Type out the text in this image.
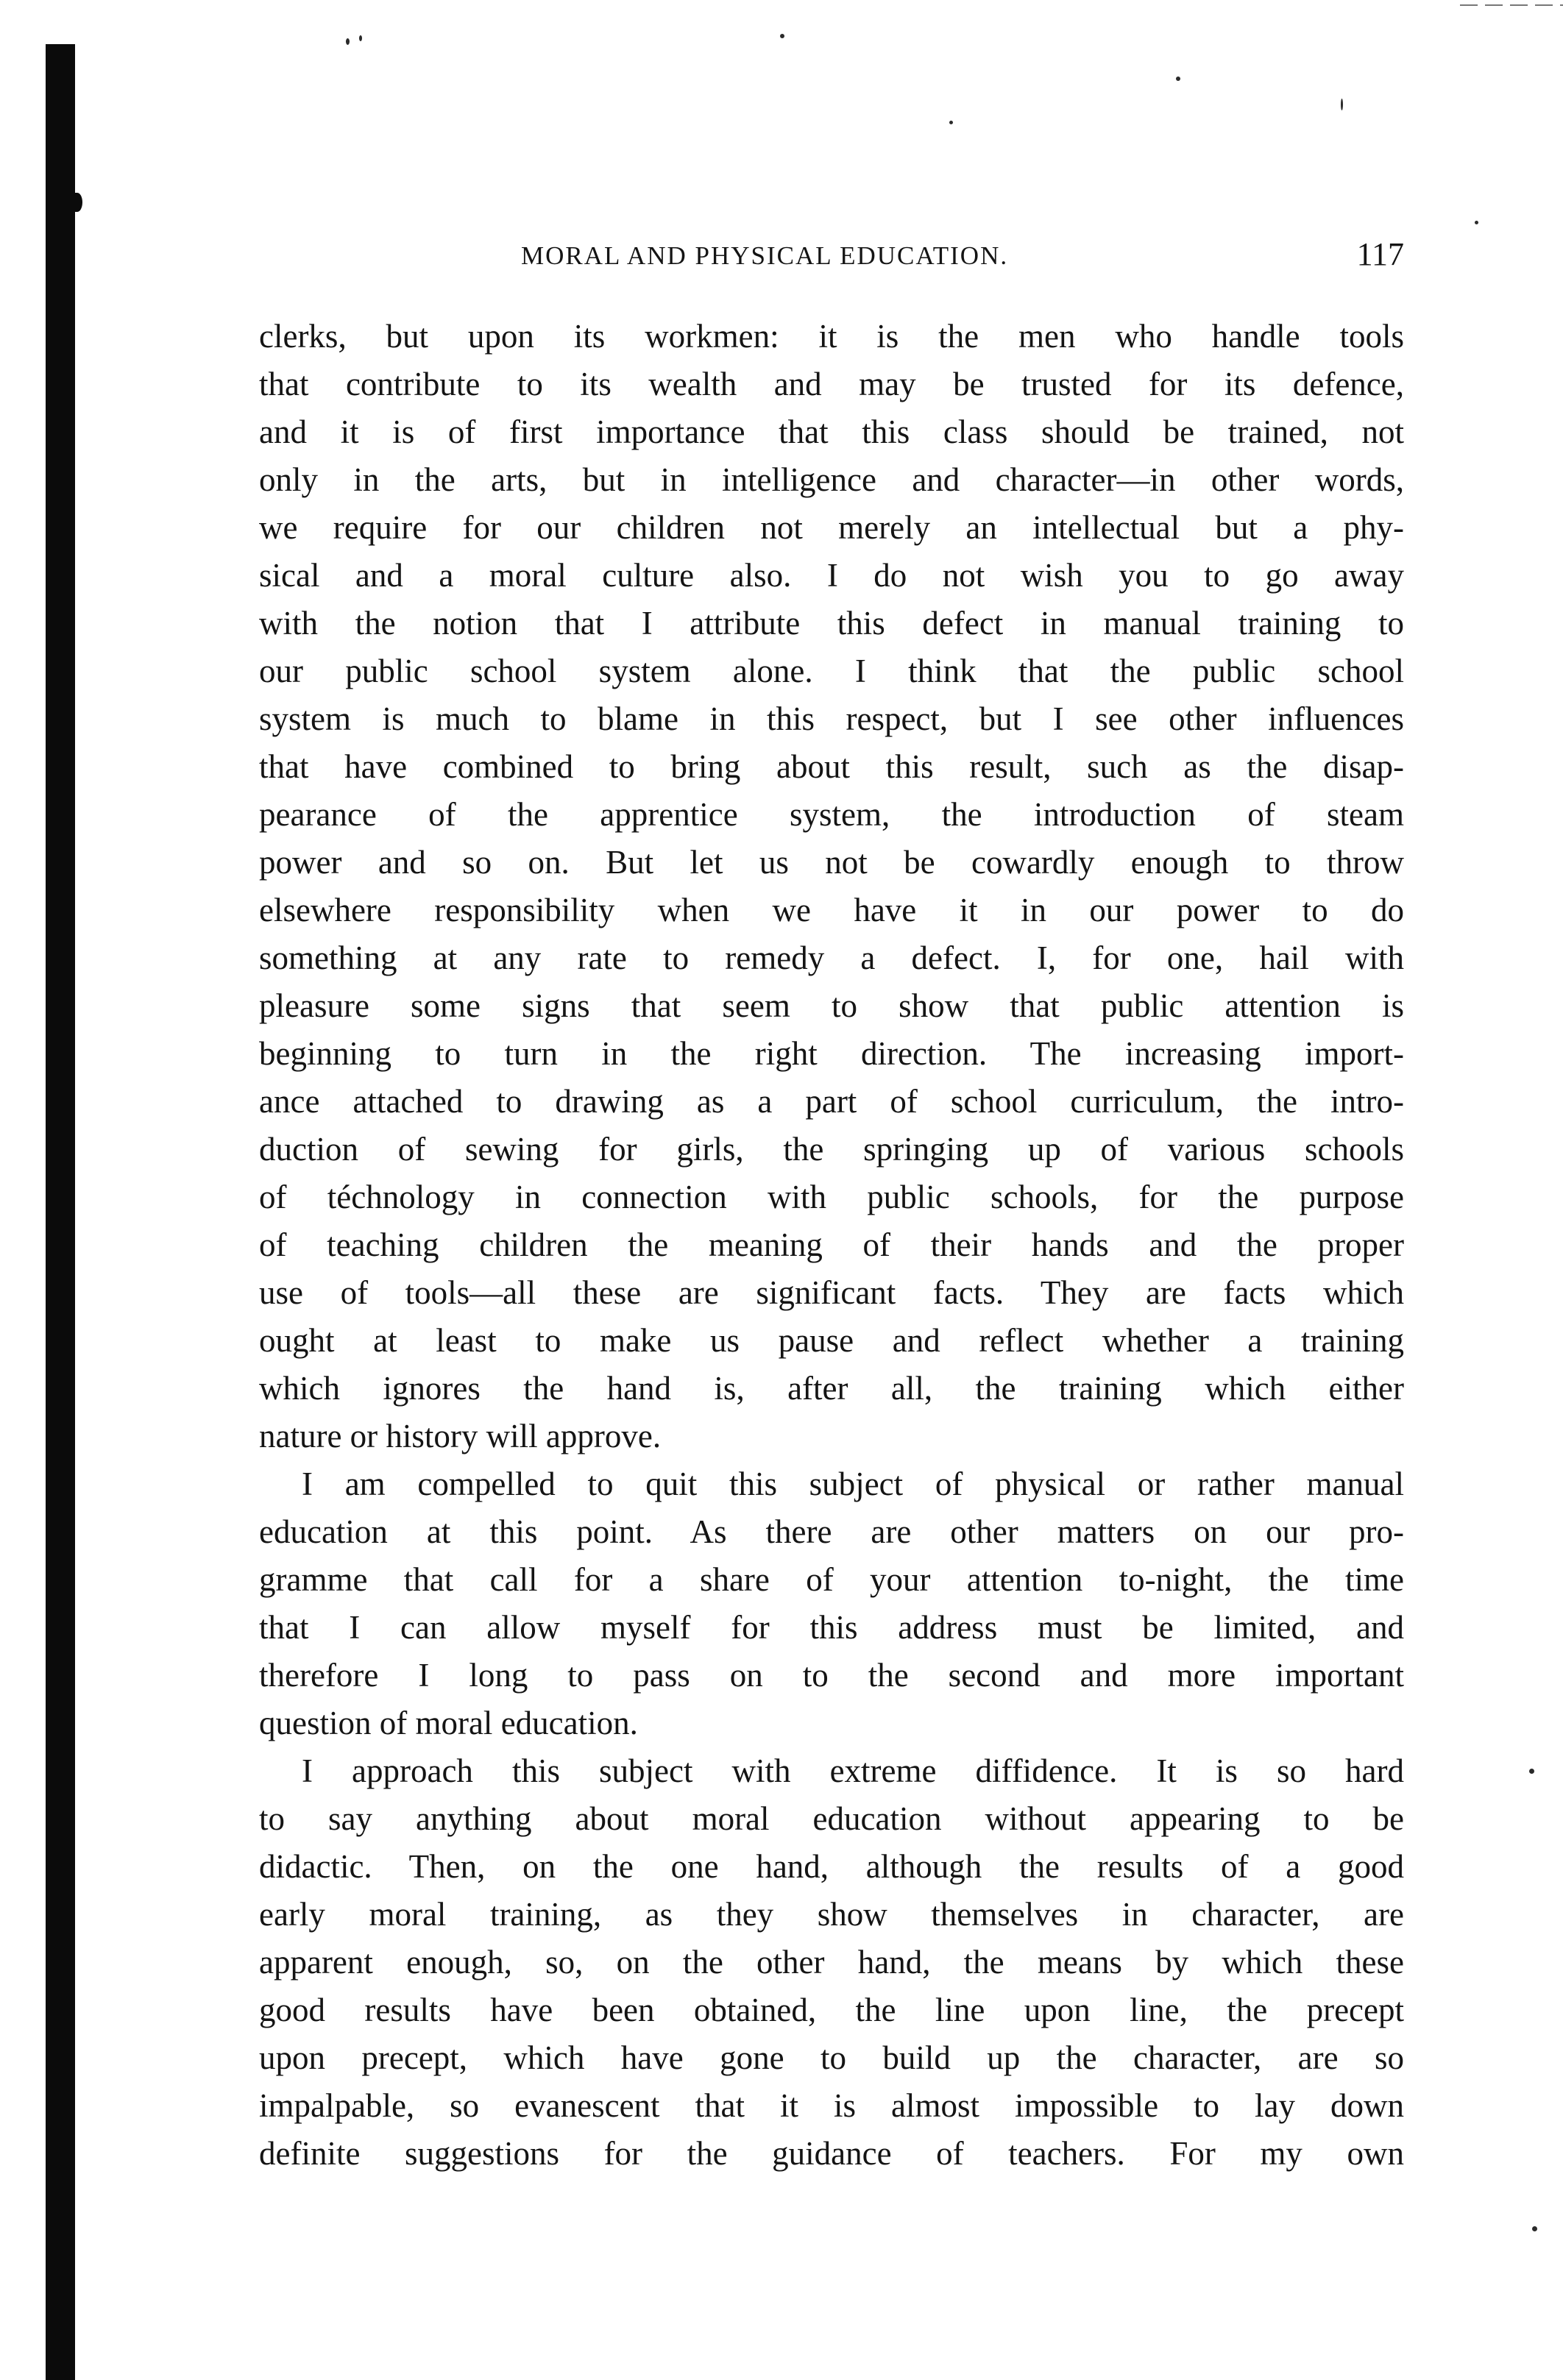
MORAL AND PHYSICAL EDUCATION.	117
clerks, but upon its workmen: it is the men who handle tools
that contribute to its wealth and may be trusted for its defence,
and it is of first importance that this class should be trained, not
only in the arts, but in intelligence and character—in other words,
we require for our children not merely an intellectual but a phy-
sical and a moral culture also. I do not wish you to go away
with the notion that I attribute this defect in manual training to
our public school system alone. I think that the public school
system is much to blame in this respect, but I see other influences
that have combined to bring about this result, such as the disap-
pearance of the apprentice system, the introduction of steam
power and so on. But let us not be cowardly enough to throw
elsewhere responsibility when we have it in our power to do
something at any rate to remedy a defect. I, for one, hail with
pleasure some signs that seem to show that public attention is
beginning to turn in the right direction. The increasing import-
ance attached to drawing as a part of school curriculum, the intro-
duction of sewing for girls, the springing up of various schools
of téchnology in connection with public schools, for the purpose
of teaching children the meaning of their hands and the proper
use of tools—all these are significant facts. They are facts which
ought at least to make us pause and reflect whether a training
which ignores the hand is, after all, the training which either
nature or history will approve.
I am compelled to quit this subject of physical or rather manual
education at this point. As there are other matters on our pro-
gramme that call for a share of your attention to-night, the time
that I can allow myself for this address must be limited, and
therefore I long to pass on to the second and more important
question of moral education.
I approach this subject with extreme diffidence. It is so hard
to say anything about moral education without appearing to be
didactic. Then, on the one hand, although the results of a good
early moral training, as they show themselves in character, are
apparent enough, so, on the other hand, the means by which these
good results have been obtained, the line upon line, the precept
upon precept, which have gone to build up the character, are so
impalpable, so evanescent that it is almost impossible to lay down
definite suggestions for the guidance of teachers. For my own
